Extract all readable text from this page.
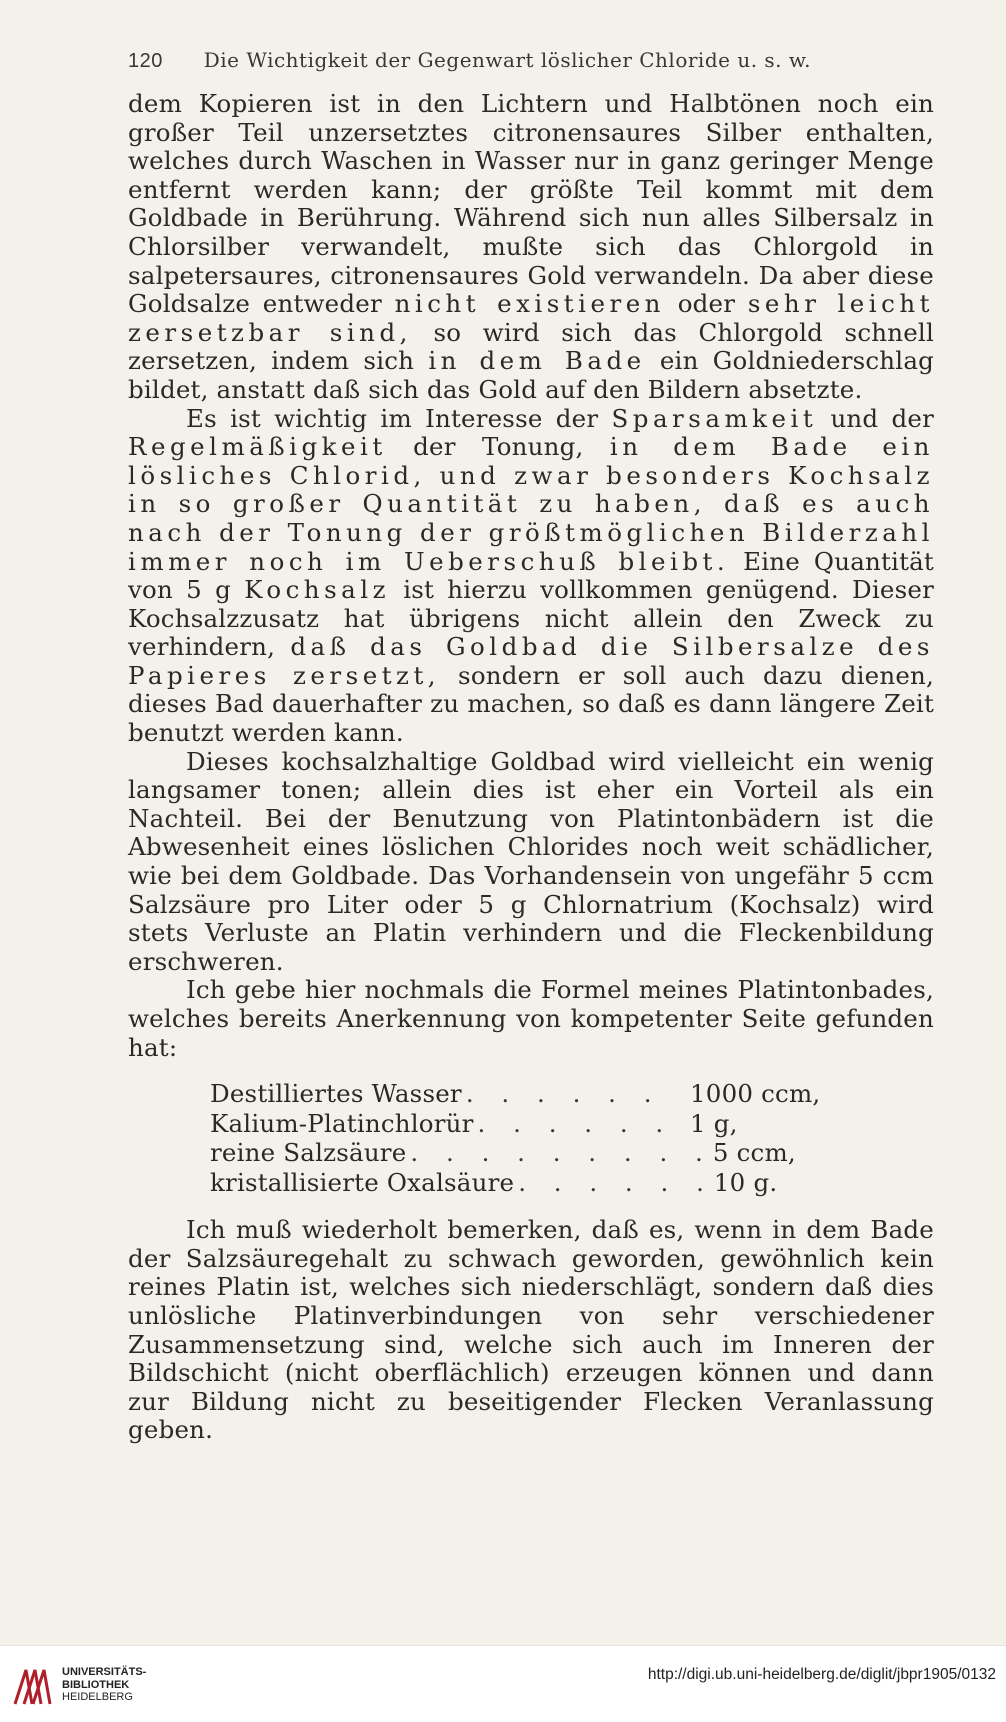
120 Die Wichtigkeit der Gegenwart löslicher Chloride u. s. w.

dem Kopieren ist in den Lichtern und Halbtönen noch ein großer Teil unzersetztes citronensaures Silber enthalten, welches durch Waschen in Wasser nur in ganz geringer Menge entfernt werden kann; der größte Teil kommt mit dem Goldbade in Berührung. Während sich nun alles Silbersalz in Chlorsilber verwandelt, mußte sich das Chlorgold in salpetersaures, citronensaures Gold verwandeln. Da aber diese Goldsalze entweder nicht existieren oder sehr leicht zersetzbar sind, so wird sich das Chlorgold schnell zersetzen, indem sich in dem Bade ein Goldniederschlag bildet, anstatt daß sich das Gold auf den Bildern absetzte.

Es ist wichtig im Interesse der Sparsamkeit und der Regelmäßigkeit der Tonung, in dem Bade ein lösliches Chlorid, und zwar besonders Kochsalz in so großer Quantität zu haben, daß es auch nach der Tonung der größtmöglichen Bilderzahl immer noch im Ueberschuß bleibt. Eine Quantität von 5 g Kochsalz ist hierzu vollkommen genügend. Dieser Kochsalzzusatz hat übrigens nicht allein den Zweck zu verhindern, daß das Goldbad die Silbersalze des Papieres zersetzt, sondern er soll auch dazu dienen, dieses Bad dauerhafter zu machen, so daß es dann längere Zeit benutzt werden kann.

Dieses kochsalzhaltige Goldbad wird vielleicht ein wenig langsamer tonen; allein dies ist eher ein Vorteil als ein Nachteil. Bei der Benutzung von Platintonbädern ist die Abwesenheit eines löslichen Chlorides noch weit schädlicher, wie bei dem Goldbade. Das Vorhandensein von ungefähr 5 ccm Salzsäure pro Liter oder 5 g Chlornatrium (Kochsalz) wird stets Verluste an Platin verhindern und die Fleckenbildung erschweren.

Ich gebe hier nochmals die Formel meines Platintonbades, welches bereits Anerkennung von kompetenter Seite gefunden hat:

Destilliertes Wasser . . . . . .	1000 ccm,
Kalium-Platinchlorür . . . . . . 1 g,
reine Salzsäure . . . . . . . . . 5 ccm,
kristallisierte Oxalsäure . . . . . . 10 g.

Ich muß wiederholt bemerken, daß es, wenn in dem Bade der Salzsäuregehalt zu schwach geworden, gewöhnlich kein reines Platin ist, welches sich niederschlägt, sondern daß dies unlösliche Platinverbindungen von sehr verschiedener Zusammensetzung sind, welche sich auch im Inneren der Bildschicht (nicht oberflächlich) erzeugen können und dann zur Bildung nicht zu beseitigender Flecken Veranlassung geben.

UNIVERSITÄTS-
BIBLIOTHEK
HEIDELBERG
http://digi.ub.uni-heidelberg.de/diglit/jbpr1905/0132
